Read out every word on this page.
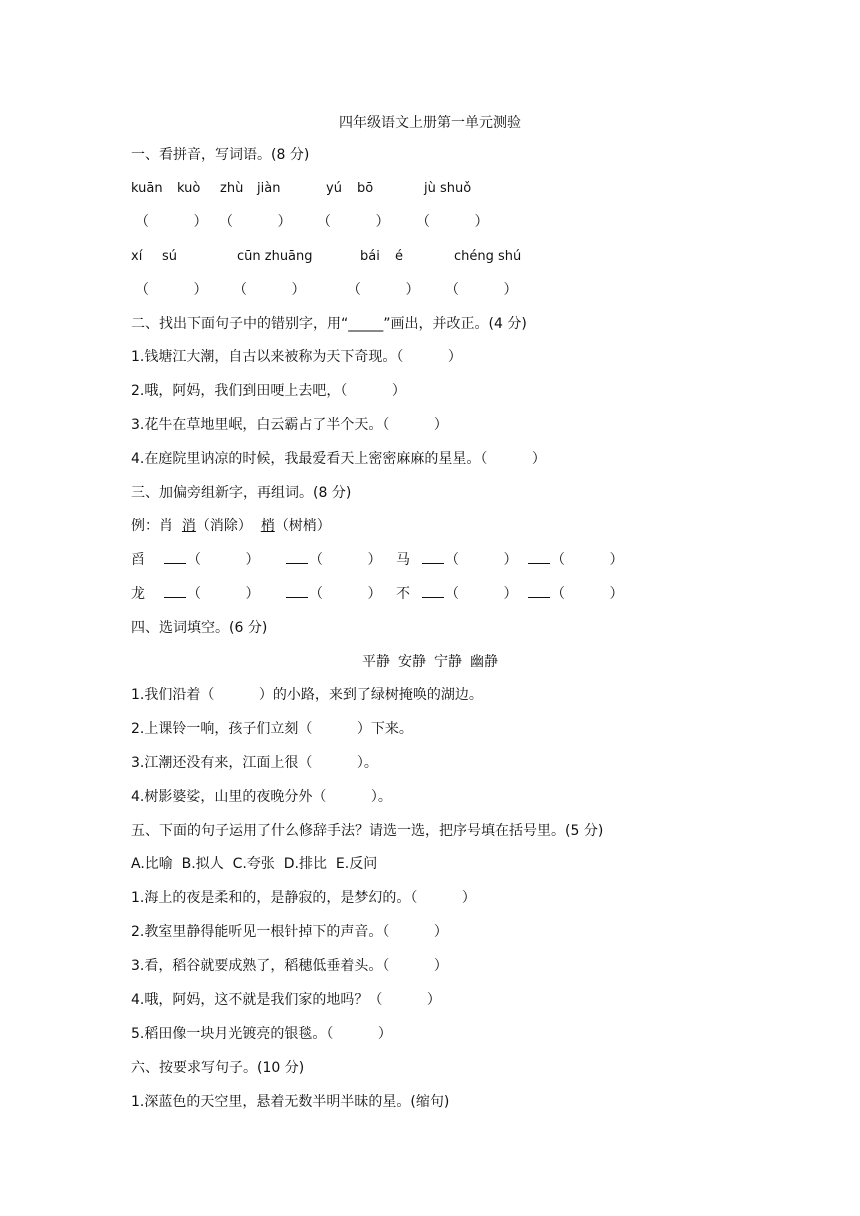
四年级语文上册第一单元测验
一、看拼音，写词语。(8 分)
kuān kuò zhù jiàn	yú bō	jù shuǒ
（          ） （          ） （          ） （          ）
xí sú	cūn zhuāng	bái é	chéng shú
（          ） （          ）	（          ） （          ）
二、找出下面句子中的错别字，用“_____”画出，并改正。(4 分)
1.钱塘江大潮，自古以来被称为天下奇现。（          ）
2.哦，阿妈，我们到田哽上去吧，（          ）
3.花牛在草地里岷，白云霸占了半个天。（          ）
4.在庭院里讷凉的时候，我最爱看天上密密麻麻的星星。（          ）
三、加偏旁组新字，再组词。(8 分)
例：肖 消（消除） 梢（树梢）
舀	（          ）	（          ） 马	（          ） （          ）
龙	（          ）	（          ） 不	（          ） （          ）
四、选词填空。(6 分)
平静 安静 宁静 幽静
1.我们沿着（          ）的小路，来到了绿树掩唤的湖边。
2.上课铃一响，孩子们立刻（          ）下来。
3.江潮还没有来，江面上很（          ）。
4.树影婆娑，山里的夜晚分外（          ）。
五、下面的句子运用了什么修辞手法？请选一选，把序号填在括号里。(5 分)
A.比喻  B.拟人  C.夸张  D.排比  E.反问
1.海上的夜是柔和的，是静寂的，是梦幻的。（          ）
2.教室里静得能听见一根针掉下的声音。（          ）
3.看，稻谷就要成熟了，稻穗低垂着头。（          ）
4.哦，阿妈，这不就是我们家的地吗？（          ）
5.稻田像一块月光镀亮的银毯。（          ）
六、按要求写句子。(10 分)
1.深蓝色的天空里，悬着无数半明半昧的星。(缩句)
